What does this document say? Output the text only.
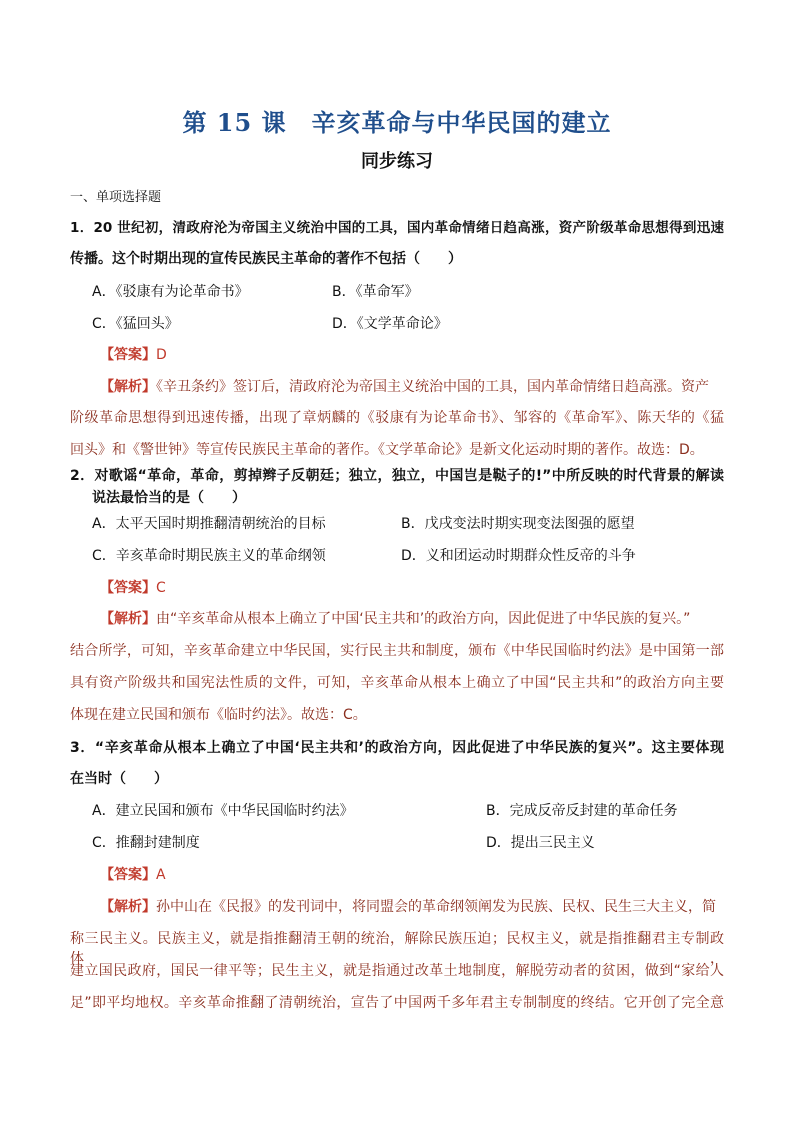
第 15 课　辛亥革命与中华民国的建立
同步练习
一、单项选择题
1．20 世纪初，清政府沦为帝国主义统治中国的工具，国内革命情绪日趋高涨，资产阶级革命思想得到迅速
传播。这个时期出现的宣传民族民主革命的著作不包括（　　）
A．《驳康有为论革命书》	B．《革命军》
C．《猛回头》	D．《文学革命论》
【答案】D
【解析】《辛丑条约》签订后，清政府沦为帝国主义统治中国的工具，国内革命情绪日趋高涨。资产
阶级革命思想得到迅速传播，出现了章炳麟的《驳康有为论革命书》、邹容的《革命军》、陈天华的《猛
回头》和《警世钟》等宣传民族民主革命的著作。《文学革命论》是新文化运动时期的著作。故选：D。
2．对歌谣“革命，革命，剪掉辫子反朝廷；独立，独立，中国岂是鞑子的!”中所反映的时代背景的解读
说法最恰当的是（　　）
A．太平天国时期推翻清朝统治的目标	B．戊戌变法时期实现变法图强的愿望
C．辛亥革命时期民族主义的革命纲领	D．义和团运动时期群众性反帝的斗争
【答案】C
【解析】由“辛亥革命从根本上确立了中国‘民主共和’的政治方向，因此促进了中华民族的复兴。”
结合所学，可知，辛亥革命建立中华民国，实行民主共和制度，颁布《中华民国临时约法》是中国第一部
具有资产阶级共和国宪法性质的文件，可知，辛亥革命从根本上确立了中国“民主共和”的政治方向主要
体现在建立民国和颁布《临时约法》。故选：C。
3．“辛亥革命从根本上确立了中国‘民主共和’的政治方向，因此促进了中华民族的复兴”。这主要体现
在当时（　　）
A．建立民国和颁布《中华民国临时约法》	B．完成反帝反封建的革命任务
C．推翻封建制度	D．提出三民主义
【答案】A
【解析】孙中山在《民报》的发刊词中，将同盟会的革命纲领阐发为民族、民权、民生三大主义，简
称三民主义。民族主义，就是指推翻清王朝的统治，解除民族压迫；民权主义，就是指推翻君主专制政体，
建立国民政府，国民一律平等；民生主义，就是指通过改革土地制度，解脱劳动者的贫困，做到“家给人
足”即平均地权。辛亥革命推翻了清朝统治，宣告了中国两千多年君主专制制度的终结。它开创了完全意
